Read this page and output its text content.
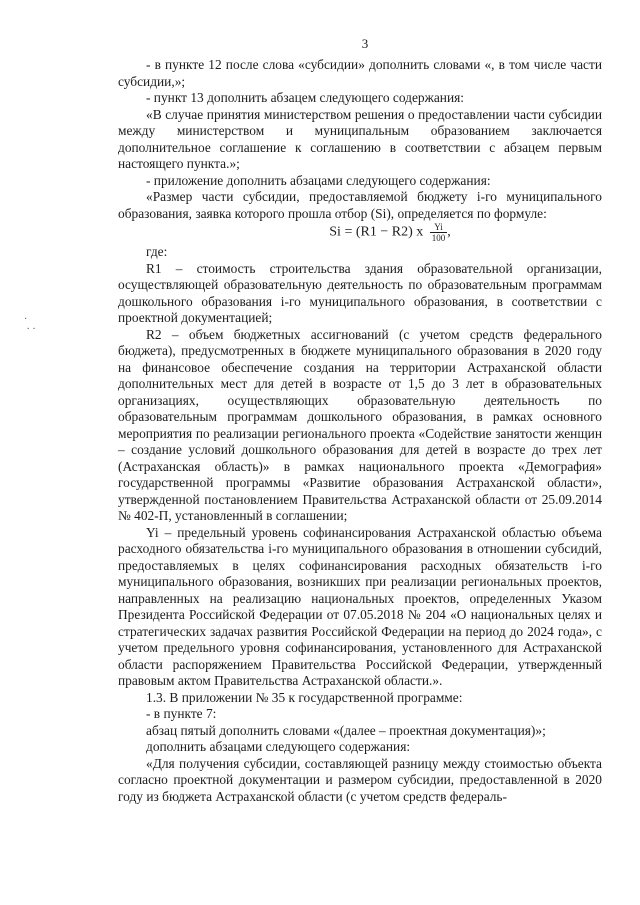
3

- в пункте 12 после слова «субсидии» дополнить словами «, в том числе части субсидии,»;

- пункт 13 дополнить абзацем следующего содержания:

«В случае принятия министерством решения о предоставлении части субсидии между министерством и муниципальным образованием заключается дополнительное соглашение к соглашению в соответствии с абзацем первым настоящего пункта.»;

- приложение дополнить абзацами следующего содержания:

«Размер части субсидии, предоставляемой бюджету i-го муниципального образования, заявка которого прошла отбор (Si), определяется по формуле:

Si = (R1 − R2) x $\frac{Yi}{100}$ ,

где:

R1 – стоимость строительства здания образовательной организации, осуществляющей образовательную деятельность по образовательным программам дошкольного образования i-го муниципального образования, в соответствии с проектной документацией;

R2 – объем бюджетных ассигнований (с учетом средств федерального бюджета), предусмотренных в бюджете муниципального образования в 2020 году на финансовое обеспечение создания на территории Астраханской области дополнительных мест для детей в возрасте от 1,5 до 3 лет в образовательных организациях, осуществляющих образовательную деятельность по образовательным программам дошкольного образования, в рамках основного мероприятия по реализации регионального проекта «Содействие занятости женщин – создание условий дошкольного образования для детей в возрасте до трех лет (Астраханская область)» в рамках национального проекта «Демография» государственной программы «Развитие образования Астраханской области», утвержденной постановлением Правительства Астраханской области от 25.09.2014 № 402-П, установленный в соглашении;

Yi – предельный уровень софинансирования Астраханской областью объема расходного обязательства i-го муниципального образования в отношении субсидий, предоставляемых в целях софинансирования расходных обязательств i-го муниципального образования, возникших при реализации региональных проектов, направленных на реализацию национальных проектов, определенных Указом Президента Российской Федерации от 07.05.2018 № 204 «О национальных целях и стратегических задачах развития Российской Федерации на период до 2024 года», с учетом предельного уровня софинансирования, установленного для Астраханской области распоряжением Правительства Российской Федерации, утвержденный правовым актом Правительства Астраханской области.».

1.3. В приложении № 35 к государственной программе:

- в пункте 7:

абзац пятый дополнить словами «(далее – проектная документация)»;

дополнить абзацами следующего содержания:

«Для получения субсидии, составляющей разницу между стоимостью объекта согласно проектной документации и размером субсидии, предоставленной в 2020 году из бюджета Астраханской области (с учетом средств федераль-

·
· ·
